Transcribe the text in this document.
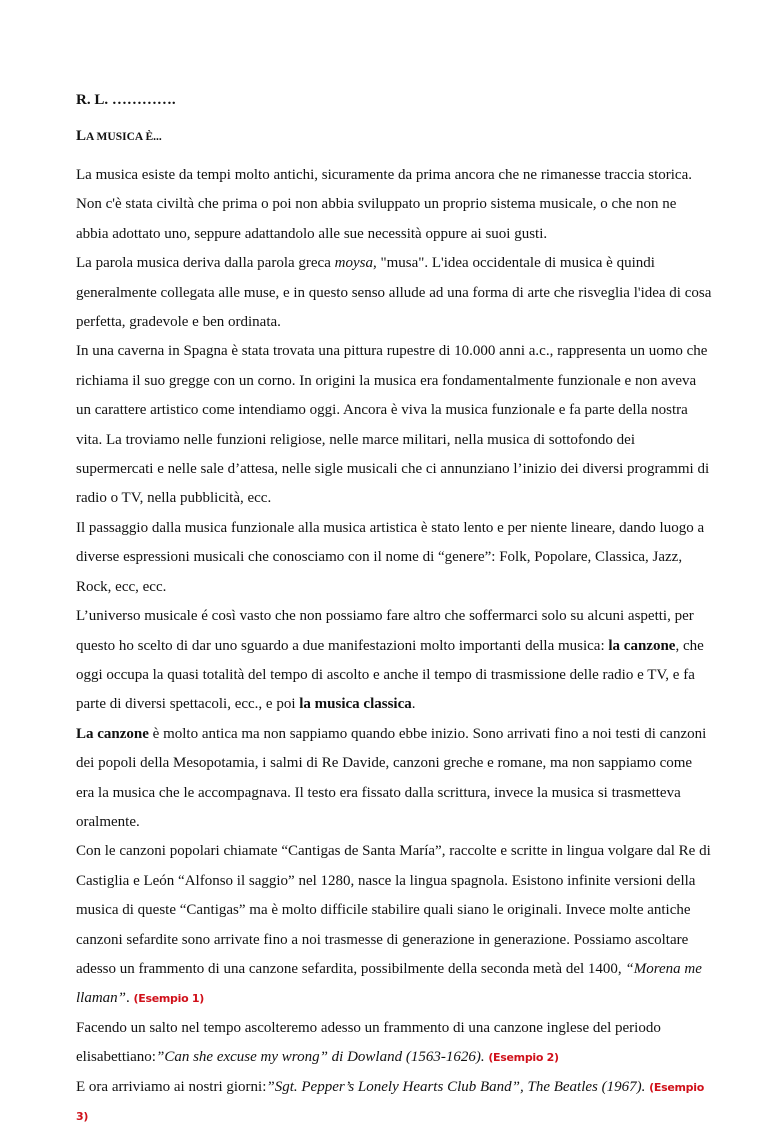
R. L. ………….
LA MUSICA È...

La musica esiste da tempi molto antichi, sicuramente da prima ancora che ne rimanesse traccia storica. Non c'è stata civiltà che prima o poi non abbia sviluppato un proprio sistema musicale, o che non ne abbia adottato uno, seppure adattandolo alle sue necessità oppure ai suoi gusti.

La parola musica deriva dalla parola greca moysa, "musa". L'idea occidentale di musica è quindi generalmente collegata alle muse, e in questo senso allude ad una forma di arte che risveglia l'idea di cosa perfetta, gradevole e ben ordinata.

In una caverna in Spagna è stata trovata una pittura rupestre di 10.000 anni a.c., rappresenta un uomo che richiama il suo gregge con un corno. In origini la musica era fondamentalmente funzionale e non aveva un carattere artistico come intendiamo oggi. Ancora è viva la musica funzionale e fa parte della nostra vita. La troviamo nelle funzioni religiose, nelle marce militari, nella musica di sottofondo dei supermercati e nelle sale d’attesa, nelle sigle musicali che ci annunziano l’inizio dei diversi programmi di radio o TV, nella pubblicità, ecc.

Il passaggio dalla musica funzionale alla musica artistica è stato lento e per niente lineare, dando luogo a diverse espressioni musicali che conosciamo con il nome di “genere”: Folk, Popolare, Classica, Jazz, Rock, ecc, ecc.

L’universo musicale é così vasto che non possiamo fare altro che soffermarci solo su alcuni aspetti, per questo ho scelto di dar uno sguardo a due manifestazioni molto importanti della musica: la canzone, che oggi occupa la quasi totalità del tempo di ascolto e anche il tempo di trasmissione delle radio e TV, e fa parte di diversi spettacoli, ecc., e poi la musica classica.

La canzone è molto antica ma non sappiamo quando ebbe inizio. Sono arrivati fino a noi testi di canzoni dei popoli della Mesopotamia, i salmi di Re Davide, canzoni greche e romane, ma non sappiamo come era la musica che le accompagnava. Il testo era fissato dalla scrittura, invece la musica si trasmetteva oralmente.

Con le canzoni popolari chiamate “Cantigas de Santa María”, raccolte e scritte in lingua volgare dal Re di Castiglia e León “Alfonso il saggio” nel 1280, nasce la lingua spagnola. Esistono infinite versioni della musica di queste “Cantigas” ma è molto difficile stabilire quali siano le originali. Invece molte antiche canzoni sefardite sono arrivate fino a noi trasmesse di generazione in generazione. Possiamo ascoltare adesso un frammento di una canzone sefardita, possibilmente della seconda metà del 1400, “Morena me llaman”. (Esempio 1)

Facendo un salto nel tempo ascolteremo adesso un frammento di una canzone inglese del periodo elisabettiano:”Can she excuse my wrong” di Dowland (1563-1626). (Esempio 2)

E ora arriviamo ai nostri giorni:”Sgt. Pepper’s Lonely Hearts Club Band”, The Beatles (1967). (Esempio 3)
